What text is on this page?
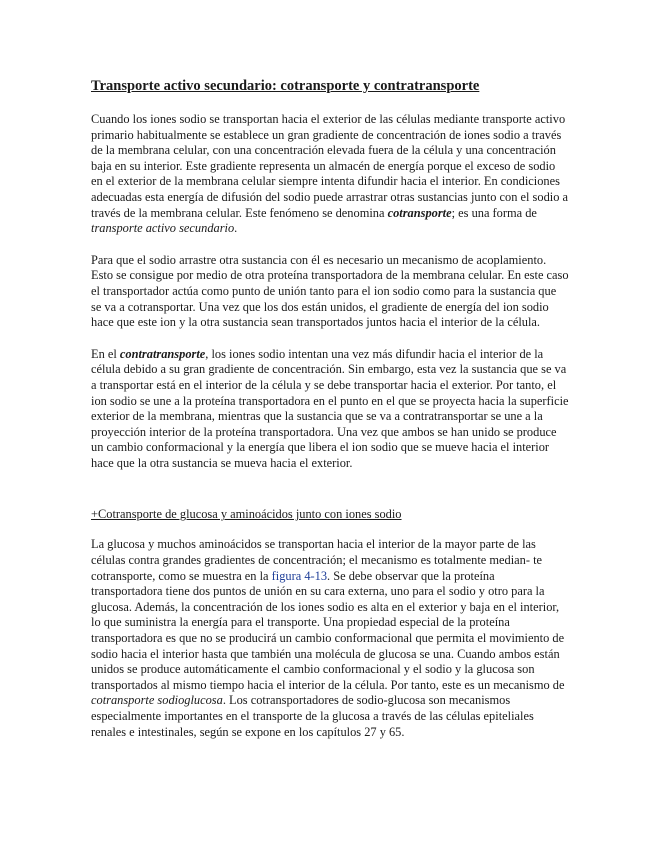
Transporte activo secundario: cotransporte y contratransporte

Cuando los iones sodio se transportan hacia el exterior de las células mediante transporte activo primario habitualmente se establece un gran gradiente de concentración de iones sodio a través de la membrana celular, con una concentración elevada fuera de la célula y una concentración baja en su interior. Este gradiente representa un almacén de energía porque el exceso de sodio en el exterior de la membrana celular siempre intenta difundir hacia el interior. En condiciones adecuadas esta energía de difusión del sodio puede arrastrar otras sustancias junto con el sodio a través de la membrana celular. Este fenómeno se denomina cotransporte; es una forma de transporte activo secundario.

Para que el sodio arrastre otra sustancia con él es necesario un mecanismo de acoplamiento. Esto se consigue por medio de otra proteína transportadora de la membrana celular. En este caso el transportador actúa como punto de unión tanto para el ion sodio como para la sustancia que se va a cotransportar. Una vez que los dos están unidos, el gradiente de energía del ion sodio hace que este ion y la otra sustancia sean transportados juntos hacia el interior de la célula.

En el contratransporte, los iones sodio intentan una vez más difundir hacia el interior de la célula debido a su gran gradiente de concentración. Sin embargo, esta vez la sustancia que se va a transportar está en el interior de la célula y se debe transportar hacia el exterior. Por tanto, el ion sodio se une a la proteína transportadora en el punto en el que se proyecta hacia la superficie exterior de la membrana, mientras que la sustancia que se va a contratransportar se une a la proyección interior de la proteína transportadora. Una vez que ambos se han unido se produce un cambio conformacional y la energía que libera el ion sodio que se mueve hacia el interior hace que la otra sustancia se mueva hacia el exterior.

+Cotransporte de glucosa y aminoácidos junto con iones sodio

La glucosa y muchos aminoácidos se transportan hacia el interior de la mayor parte de las células contra grandes gradientes de concentración; el mecanismo es totalmente median- te cotransporte, como se muestra en la figura 4-13. Se debe observar que la proteína transportadora tiene dos puntos de unión en su cara externa, uno para el sodio y otro para la glucosa. Además, la concentración de los iones sodio es alta en el exterior y baja en el interior, lo que suministra la energía para el transporte. Una propiedad especial de la proteína transportadora es que no se producirá un cambio conformacional que permita el movimiento de sodio hacia el interior hasta que también una molécula de glucosa se una. Cuando ambos están unidos se produce automáticamente el cambio conformacional y el sodio y la glucosa son transportados al mismo tiempo hacia el interior de la célula. Por tanto, este es un mecanismo de cotransporte sodioglucosa. Los cotransportadores de sodio-glucosa son mecanismos especialmente importantes en el transporte de la glucosa a través de las células epiteliales renales e intestinales, según se expone en los capítulos 27 y 65.
